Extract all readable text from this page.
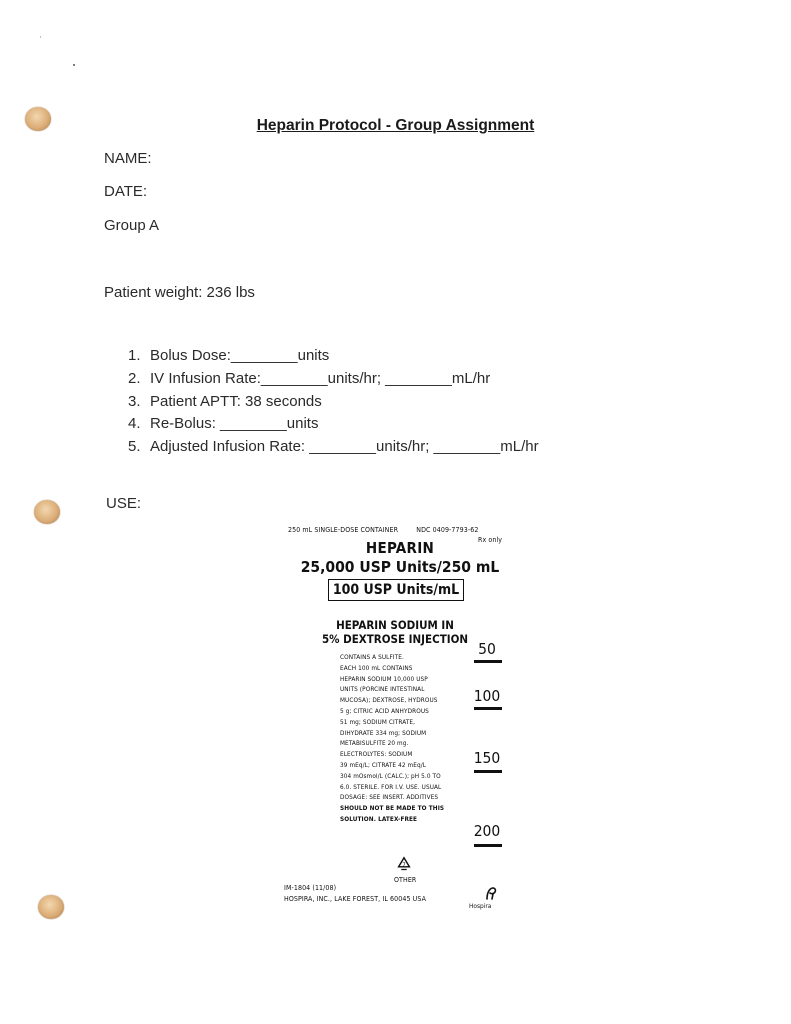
Heparin Protocol - Group Assignment
NAME:
DATE:
Group A
Patient weight: 236 lbs
1. Bolus Dose:________units
2. IV Infusion Rate:________units/hr; ________mL/hr
3. Patient APTT: 38 seconds
4. Re-Bolus: ________units
5. Adjusted Infusion Rate: ________units/hr; ________mL/hr
USE:
250 mL SINGLE-DOSE CONTAINER	NDC 0409-7793-62
Rx only
HEPARIN
25,000 USP Units/250 mL
100 USP Units/mL
HEPARIN SODIUM IN
5% DEXTROSE INJECTION
CONTAINS A SULFITE.
EACH 100 mL CONTAINS
HEPARIN SODIUM 10,000 USP
UNITS (PORCINE INTESTINAL
MUCOSA); DEXTROSE, HYDROUS
5 g; CITRIC ACID ANHYDROUS
51 mg; SODIUM CITRATE,
DIHYDRATE 334 mg; SODIUM
METABISULFITE 20 mg.
ELECTROLYTES: SODIUM
39 mEq/L; CITRATE 42 mEq/L
304 mOsmol/L (CALC.); pH 5.0 TO
6.0. STERILE. FOR I.V. USE. USUAL
DOSAGE: SEE INSERT. ADDITIVES
SHOULD NOT BE MADE TO THIS
SOLUTION. LATEX-FREE
50
100
150
200
7
OTHER
IM-1804 (11/08)
HOSPIRA, INC., LAKE FOREST, IL 60045 USA
Hospira
